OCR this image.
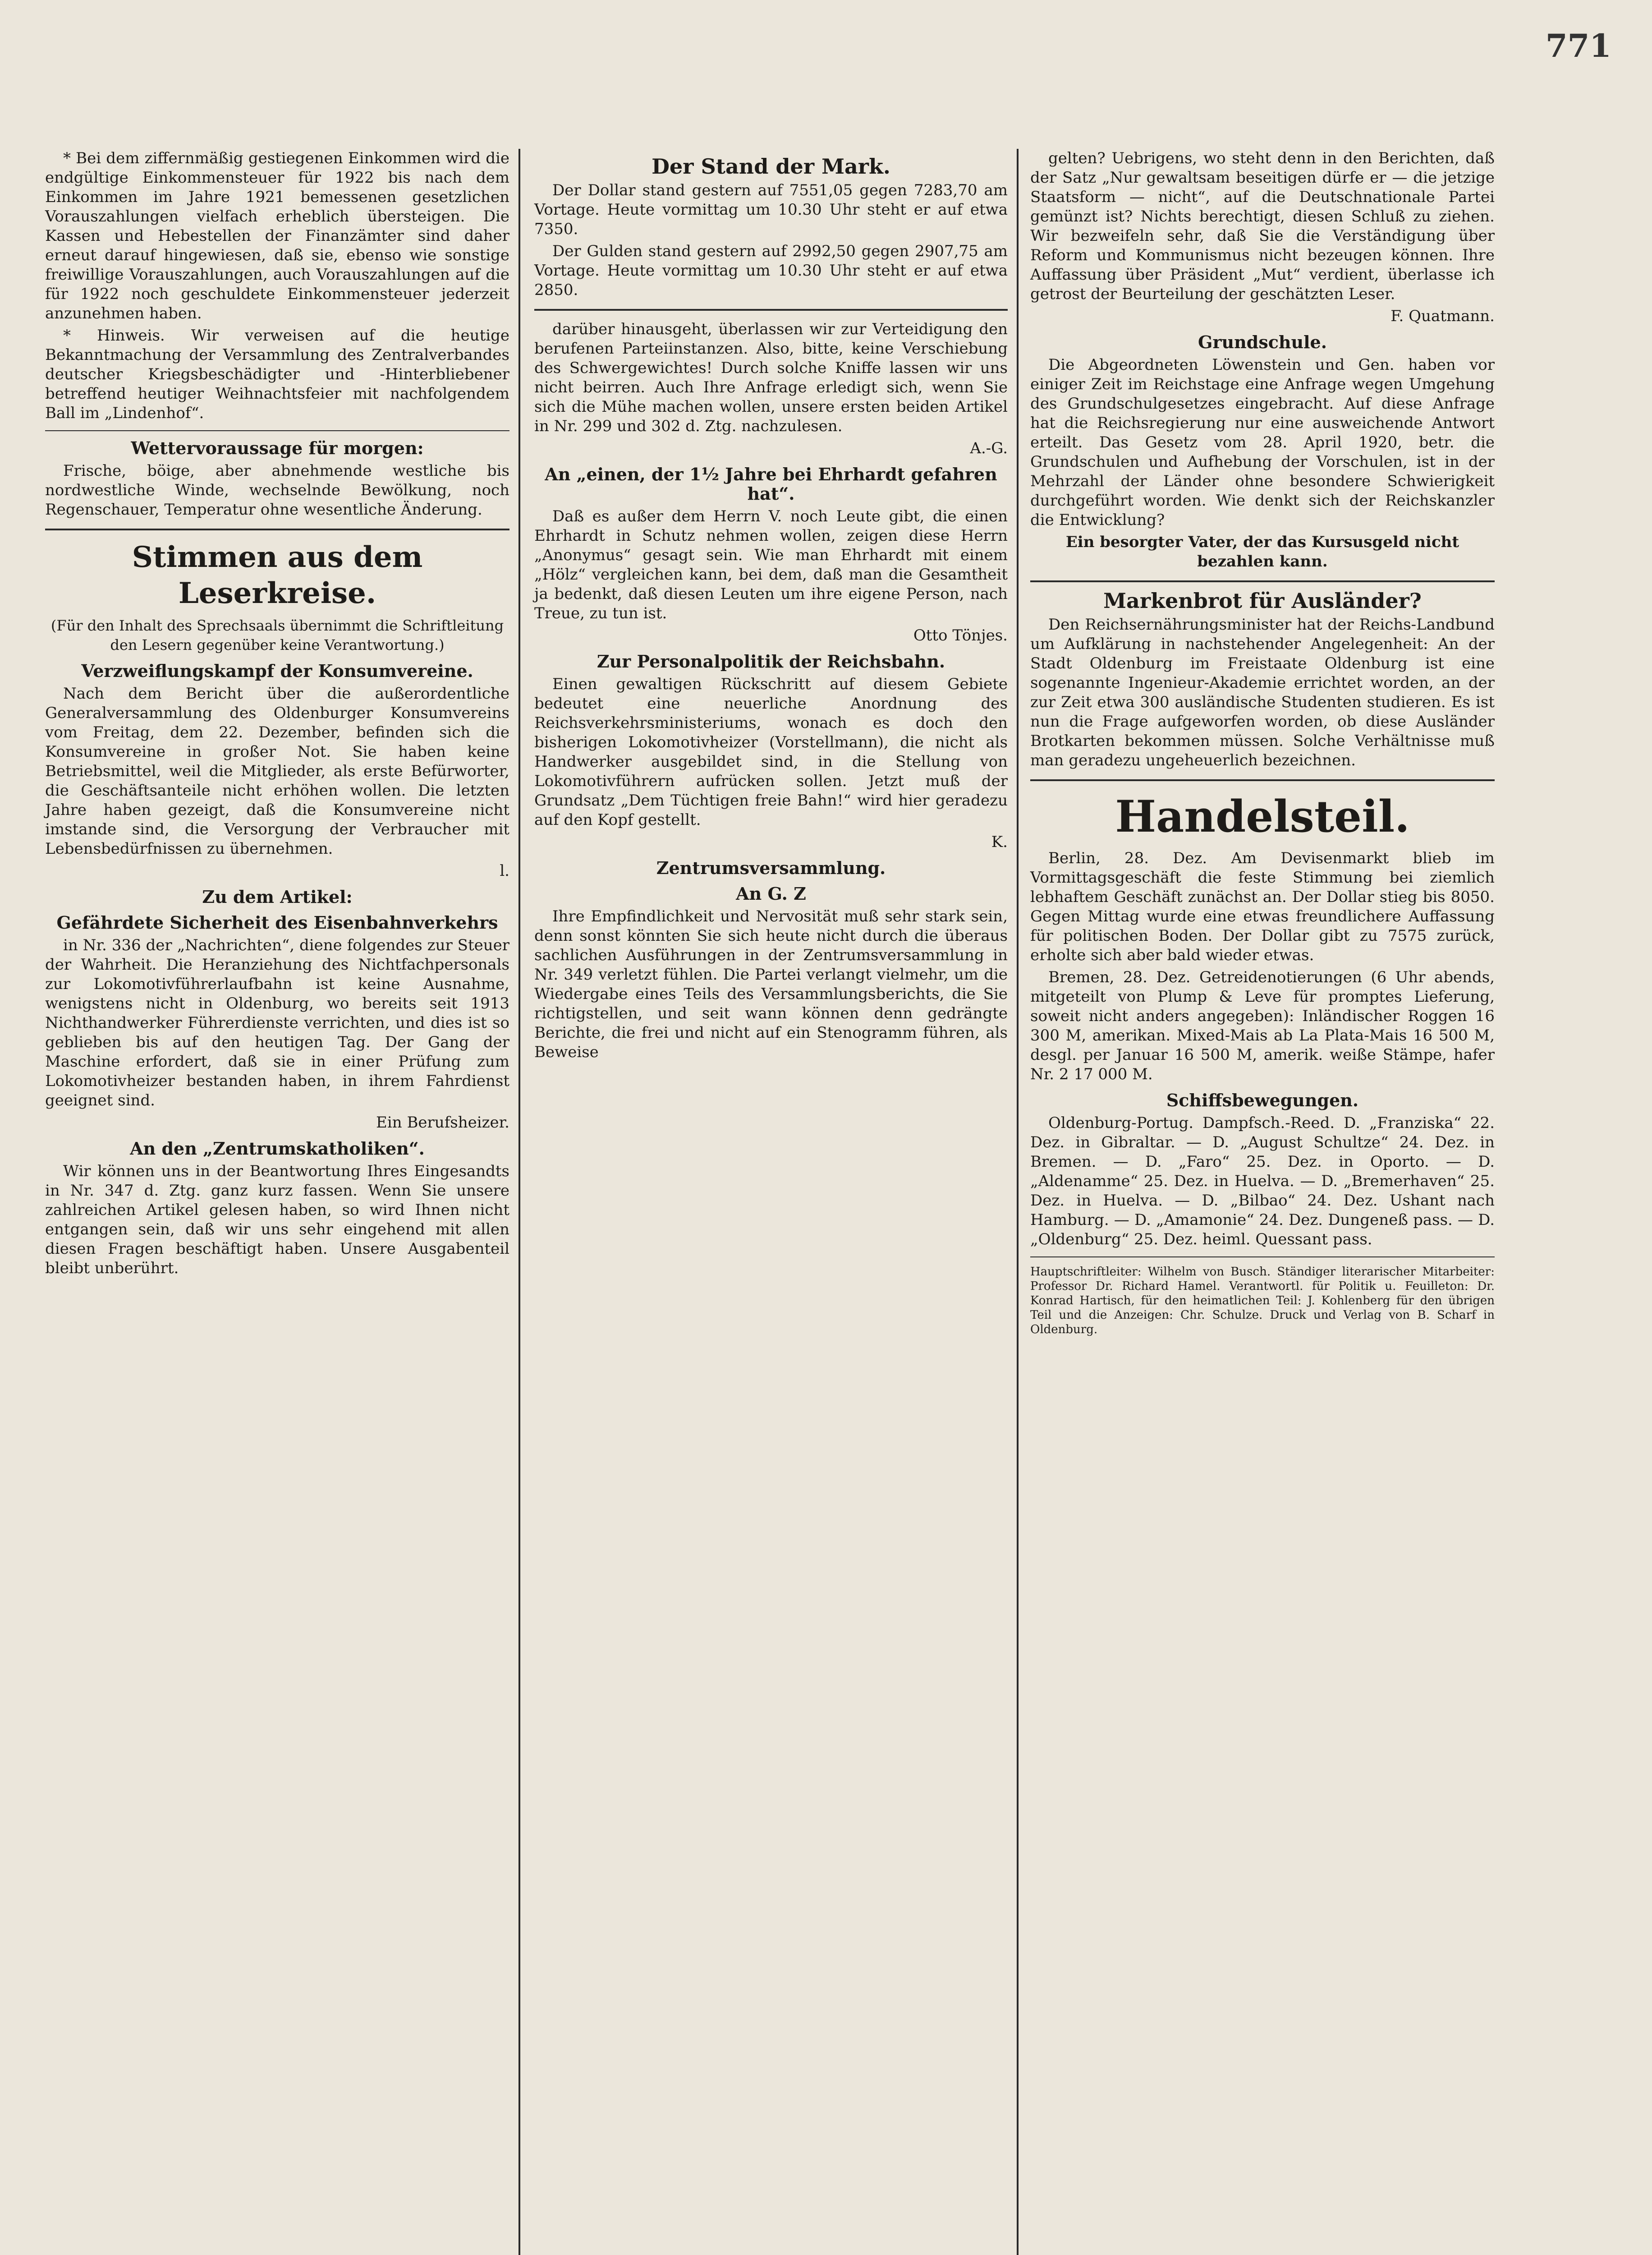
771

* Bei dem ziffernmäßig gestiegenen Einkommen wird die endgültige Einkommensteuer für 1922 bis nach dem Einkommen im Jahre 1921 bemessenen gesetzlichen Vorauszahlungen vielfach erheblich übersteigen. Die Kassen und Hebestellen der Finanzämter sind daher erneut darauf hingewiesen, daß sie, ebenso wie sonstige freiwillige Vorauszahlungen, auch Vorauszahlungen auf die für 1922 noch geschuldete Einkommensteuer jederzeit anzunehmen haben.

* Hinweis. Wir verweisen auf die heutige Bekanntmachung der Versammlung des Zentralverbandes deutscher Kriegsbeschädigter und -Hinterbliebener betreffend heutiger Weihnachtsfeier mit nachfolgendem Ball im „Lindenhof“.

Wettervoraussage für morgen:

Frische, böige, aber abnehmende westliche bis nordwestliche Winde, wechselnde Bewölkung, noch Regenschauer, Temperatur ohne wesentliche Änderung.

Stimmen aus dem Leserkreise.
(Für den Inhalt des Sprechsaals übernimmt die Schriftleitung den Lesern gegenüber keine Verantwortung.)
Verzweiflungskampf der Konsumvereine.

Nach dem Bericht über die außerordentliche Generalversammlung des Oldenburger Konsumvereins vom Freitag, dem 22. Dezember, befinden sich die Konsumvereine in großer Not. Sie haben keine Betriebsmittel, weil die Mitglieder, als erste Befürworter, die Geschäftsanteile nicht erhöhen wollen. Die letzten Jahre haben gezeigt, daß die Konsumvereine nicht imstande sind, die Versorgung der Verbraucher mit Lebensbedürfnissen zu übernehmen.

l.
Zu dem Artikel:
Gefährdete Sicherheit des Eisenbahnverkehrs

in Nr. 336 der „Nachrichten“, diene folgendes zur Steuer der Wahrheit. Die Heranziehung des Nichtfachpersonals zur Lokomotivführerlaufbahn ist keine Ausnahme, wenigstens nicht in Oldenburg, wo bereits seit 1913 Nichthandwerker Führerdienste verrichten, und dies ist so geblieben bis auf den heutigen Tag. Der Gang der Maschine erfordert, daß sie in einer Prüfung zum Lokomotivheizer bestanden haben, in ihrem Fahrdienst geeignet sind.

Ein Berufsheizer.
An den „Zentrumskatholiken“.

Wir können uns in der Beantwortung Ihres Eingesandts in Nr. 347 d. Ztg. ganz kurz fassen. Wenn Sie unsere zahlreichen Artikel gelesen haben, so wird Ihnen nicht entgangen sein, daß wir uns sehr eingehend mit allen diesen Fragen beschäftigt haben. Unsere Ausgabenteil bleibt unberührt.

Der Stand der Mark.

Der Dollar stand gestern auf 7551,05 gegen 7283,70 am Vortage. Heute vormittag um 10.30 Uhr steht er auf etwa 7350.

Der Gulden stand gestern auf 2992,50 gegen 2907,75 am Vortage. Heute vormittag um 10.30 Uhr steht er auf etwa 2850.

darüber hinausgeht, überlassen wir zur Verteidigung den berufenen Parteiinstanzen. Also, bitte, keine Verschiebung des Schwergewichtes! Durch solche Kniffe lassen wir uns nicht beirren. Auch Ihre Anfrage erledigt sich, wenn Sie sich die Mühe machen wollen, unsere ersten beiden Artikel in Nr. 299 und 302 d. Ztg. nachzulesen.

A.-G.
An „einen, der 1½ Jahre bei Ehrhardt gefahren hat“.

Daß es außer dem Herrn V. noch Leute gibt, die einen Ehrhardt in Schutz nehmen wollen, zeigen diese Herrn „Anonymus“ gesagt sein. Wie man Ehrhardt mit einem „Hölz“ vergleichen kann, bei dem, daß man die Gesamtheit ja bedenkt, daß diesen Leuten um ihre eigene Person, nach Treue, zu tun ist.

Otto Tönjes.
Zur Personalpolitik der Reichsbahn.

Einen gewaltigen Rückschritt auf diesem Gebiete bedeutet eine neuerliche Anordnung des Reichsverkehrsministeriums, wonach es doch den bisherigen Lokomotivheizer (Vorstellmann), die nicht als Handwerker ausgebildet sind, in die Stellung von Lokomotivführern aufrücken sollen. Jetzt muß der Grundsatz „Dem Tüchtigen freie Bahn!“ wird hier geradezu auf den Kopf gestellt.

K.
Zentrumsversammlung.
An G. Z

Ihre Empfindlichkeit und Nervosität muß sehr stark sein, denn sonst könnten Sie sich heute nicht durch die überaus sachlichen Ausführungen in der Zentrumsversammlung in Nr. 349 verletzt fühlen. Die Partei verlangt vielmehr, um die Wiedergabe eines Teils des Versammlungsberichts, die Sie richtigstellen, und seit wann können denn gedrängte Berichte, die frei und nicht auf ein Stenogramm führen, als Beweise

gelten? Uebrigens, wo steht denn in den Berichten, daß der Satz „Nur gewaltsam beseitigen dürfe er — die jetzige Staatsform — nicht“, auf die Deutschnationale Partei gemünzt ist? Nichts berechtigt, diesen Schluß zu ziehen. Wir bezweifeln sehr, daß Sie die Verständigung über Reform und Kommunismus nicht bezeugen können. Ihre Auffassung über Präsident „Mut“ verdient, überlasse ich getrost der Beurteilung der geschätzten Leser.

F. Quatmann.
Grundschule.

Die Abgeordneten Löwenstein und Gen. haben vor einiger Zeit im Reichstage eine Anfrage wegen Umgehung des Grundschulgesetzes eingebracht. Auf diese Anfrage hat die Reichsregierung nur eine ausweichende Antwort erteilt. Das Gesetz vom 28. April 1920, betr. die Grundschulen und Aufhebung der Vorschulen, ist in der Mehrzahl der Länder ohne besondere Schwierigkeit durchgeführt worden. Wie denkt sich der Reichskanzler die Entwicklung?

Ein besorgter Vater, der das Kursusgeld nicht bezahlen kann.
Markenbrot für Ausländer?

Den Reichsernährungsminister hat der Reichs-Landbund um Aufklärung in nachstehender Angelegenheit: An der Stadt Oldenburg im Freistaate Oldenburg ist eine sogenannte Ingenieur-Akademie errichtet worden, an der zur Zeit etwa 300 ausländische Studenten studieren. Es ist nun die Frage aufgeworfen worden, ob diese Ausländer Brotkarten bekommen müssen. Solche Verhältnisse muß man geradezu ungeheuerlich bezeichnen.

Handelsteil.

Berlin, 28. Dez. Am Devisenmarkt blieb im Vormittagsgeschäft die feste Stimmung bei ziemlich lebhaftem Geschäft zunächst an. Der Dollar stieg bis 8050. Gegen Mittag wurde eine etwas freundlichere Auffassung für politischen Boden. Der Dollar gibt zu 7575 zurück, erholte sich aber bald wieder etwas.

Bremen, 28. Dez. Getreidenotierungen (6 Uhr abends, mitgeteilt von Plump & Leve für promptes Lieferung, soweit nicht anders angegeben): Inländischer Roggen 16 300 M, amerikan. Mixed-Mais ab La Plata-Mais 16 500 M, desgl. per Januar 16 500 M, amerik. weiße Stämpe, hafer Nr. 2 17 000 M.

Schiffsbewegungen.

Oldenburg-Portug. Dampfsch.-Reed. D. „Franziska“ 22. Dez. in Gibraltar. — D. „August Schultze“ 24. Dez. in Bremen. — D. „Faro“ 25. Dez. in Oporto. — D. „Aldenamme“ 25. Dez. in Huelva. — D. „Bremerhaven“ 25. Dez. in Huelva. — D. „Bilbao“ 24. Dez. Ushant nach Hamburg. — D. „Amamonie“ 24. Dez. Dungeneß pass. — D. „Oldenburg“ 25. Dez. heiml. Quessant pass.

Hauptschriftleiter: Wilhelm von Busch. Ständiger literarischer Mitarbeiter: Professor Dr. Richard Hamel. Verantwortl. für Politik u. Feuilleton: Dr. Konrad Hartisch, für den heimatlichen Teil: J. Kohlenberg für den übrigen Teil und die Anzeigen: Chr. Schulze. Druck und Verlag von B. Scharf in Oldenburg.
